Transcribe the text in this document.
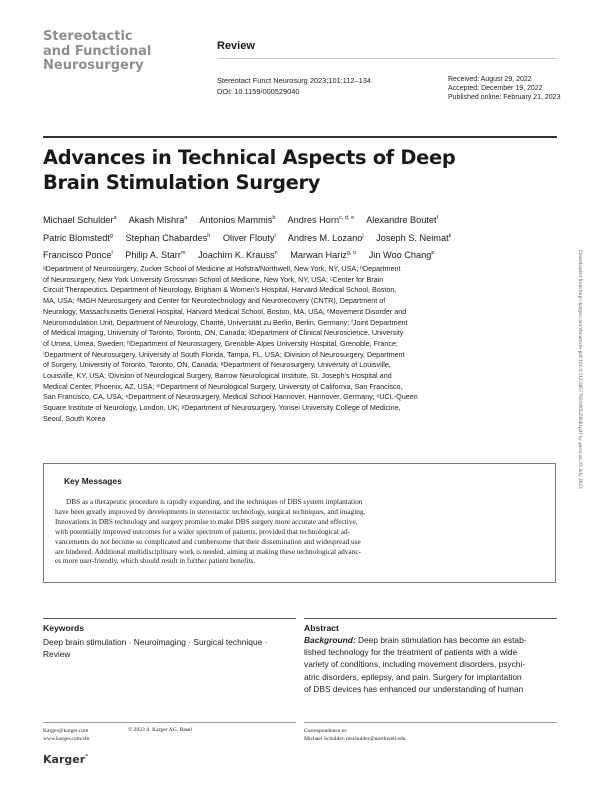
Stereotactic
and Functional
Neurosurgery
Review
Stereotact Funct Neurosurg 2023;101:112–134
DOI: 10.1159/000529040
Received: August 29, 2022
Accepted: December 19, 2022
Published online: February 21, 2023
Advances in Technical Aspects of Deep
Brain Stimulation Surgery
Michael Schulder$^a$ Akash Mishra$^a$ Antonios Mammis$^b$ Andres Horn$^{c, d, e}$ Alexandre Boutet$^f$
Patric Blomstedt$^g$ Stephan Chabardes$^h$ Oliver Flouty$^i$ Andres M. Lozano$^j$ Joseph S. Neimat$^k$
Francisco Ponce$^l$ Philip A. Starr$^m$ Joachim K. Krauss$^n$ Marwan Hariz$^{g, o}$ Jin Woo Chang$^p$
ᵃDepartment of Neurosurgery, Zucker School of Medicine at Hofstra/Northwell, New York, NY, USA; ᵇDepartment
of Neurosurgery, New York University Grossman School of Medicine, New York, NY, USA; ᶜCenter for Brain
Circuit Therapeutics, Department of Neurology, Brigham & Women's Hospital, Harvard Medical School, Boston,
MA, USA; ᵈMGH Neurosurgery and Center for Neurotechnology and Neurorecovery (CNTR), Department of
Neurology, Massachusetts General Hospital, Harvard Medical School, Boston, MA, USA; ᵉMovement Disorder and
Neuromodulation Unit, Department of Neurology, Charité, Universität zu Berlin, Berlin, Germany; ᶠJoint Department
of Medical Imaging, University of Toronto, Toronto, ON, Canada; ᵍDepartment of Clinical Neuroscience, University
of Umea, Umea, Sweden; ʰDepartment of Neurosurgery, Grenoble-Alpes University Hospital, Grenoble, France;
ⁱDepartment of Neurosurgery, University of South Florida, Tampa, FL, USA; ʲDivision of Neurosurgery, Department
of Surgery, University of Toronto, Toronto, ON, Canada; ᵏDepartment of Neurosurgery, University of Louisville,
Louisville, KY, USA; ˡDivision of Neurological Surgery, Barrow Neurological Institute, St. Joseph's Hospital and
Medical Center, Phoenix, AZ, USA; ᵐDepartment of Neurological Surgery, University of California, San Francisco,
San Francisco, CA, USA; ⁿDepartment of Neurosurgery, Medical School Hannover, Hannover, Germany; ᵒUCL-Queen
Square Institute of Neurology, London, UK; ᵖDepartment of Neurosurgery, Yonsei University College of Medicine,
Seoul, South Korea
Key Messages
DBS as a therapeutic procedure is rapidly expanding, and the techniques of DBS system implantation
have been greatly improved by developments in stereotactic technology, surgical techniques, and imaging.
Innovations in DBS technology and surgery promise to make DBS surgery more accurate and effective,
with potentially improved outcomes for a wider spectrum of patients, provided that technological ad-
vancements do not become so complicated and cumbersome that their dissemination and widespread use
are hindered. Additional multidisciplinary work is needed, aiming at making these technological advanc-
es more user-friendly, which should result in further patient benefits.
Keywords
Deep brain stimulation · Neuroimaging · Surgical technique ·
Review
Abstract
Background: Deep brain stimulation has become an estab-
lished technology for the treatment of patients with a wide
variety of conditions, including movement disorders, psychi-
atric disorders, epilepsy, and pain. Surgery for implantation
of DBS devices has enhanced our understanding of human
Karger@karger.com
www.karger.com/sfn
© 2023 S. Karger AG, Basel	Correspondence to:
Michael Schulder, mschulder@northwell.edu
Karger°
Downloaded from http://karger.com/sfn/article-pdf/101/2/112/3857769/000529040.pdf by guest on 23 July 2023
